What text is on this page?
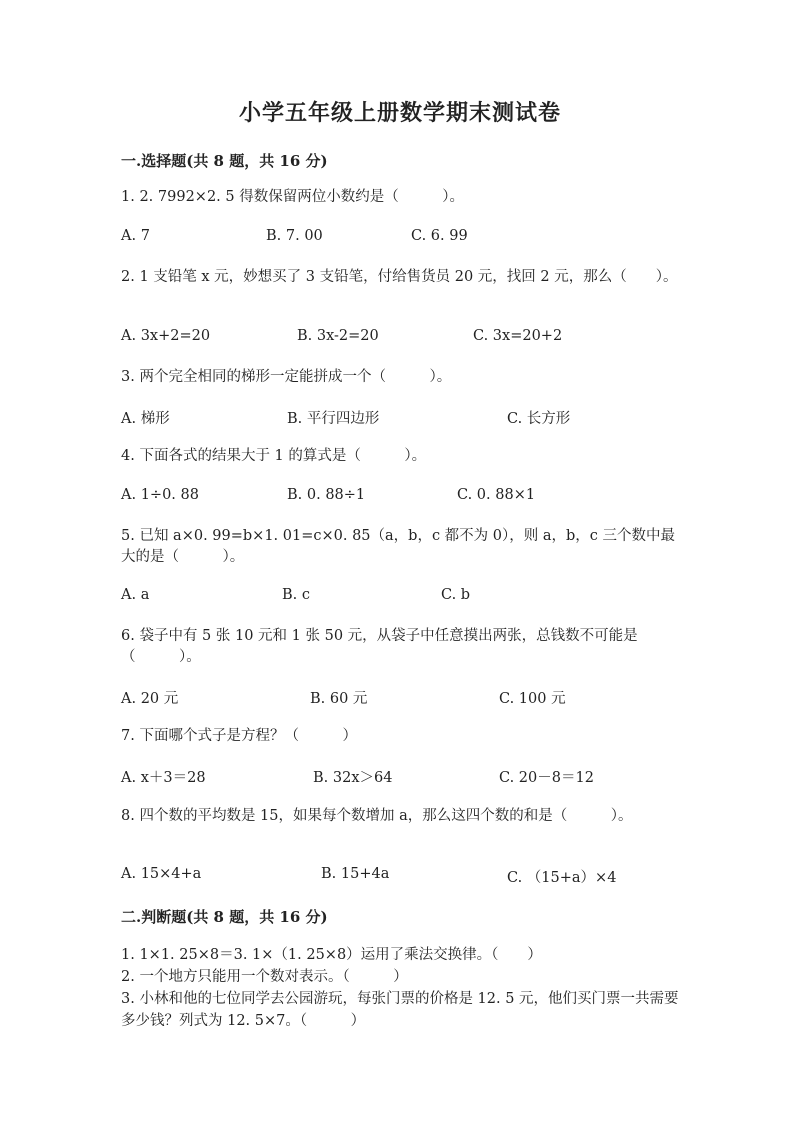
小学五年级上册数学期末测试卷
一.选择题(共 8 题，共 16 分)
1. 2. 7992×2. 5 得数保留两位小数约是（　　　）。
A. 7	B. 7. 00	C. 6. 99
2. 1 支铅笔 x 元，妙想买了 3 支铅笔，付给售货员 20 元，找回 2 元，那么（　　）。
A. 3x+2=20	B. 3x-2=20	C. 3x=20+2
3. 两个完全相同的梯形一定能拼成一个（　　　）。
A. 梯形	B. 平行四边形	C. 长方形
4. 下面各式的结果大于 1 的算式是（　　　）。
A. 1÷0. 88	B. 0. 88÷1	C. 0. 88×1
5. 已知 a×0. 99=b×1. 01=c×0. 85（a，b，c 都不为 0），则 a，b，c 三个数中最大的是（　　　）。
A. a	B. c	C. b
6. 袋子中有 5 张 10 元和 1 张 50 元，从袋子中任意摸出两张，总钱数不可能是（　　　）。
A. 20 元	B. 60 元	C. 100 元
7. 下面哪个式子是方程？（　　　）
A. x＋3＝28	B. 32x＞64	C. 20－8＝12
8. 四个数的平均数是 15，如果每个数增加 a，那么这四个数的和是（　　　）。
A. 15×4+a	B. 15+4a	C. （15+a）×4
二.判断题(共 8 题，共 16 分)
1. 1×1. 25×8＝3. 1×（1. 25×8）运用了乘法交换律。（　　）
2. 一个地方只能用一个数对表示。（　　　）
3. 小林和他的七位同学去公园游玩，每张门票的价格是 12. 5 元，他们买门票一共需要多少钱？列式为 12. 5×7。（　　　）
